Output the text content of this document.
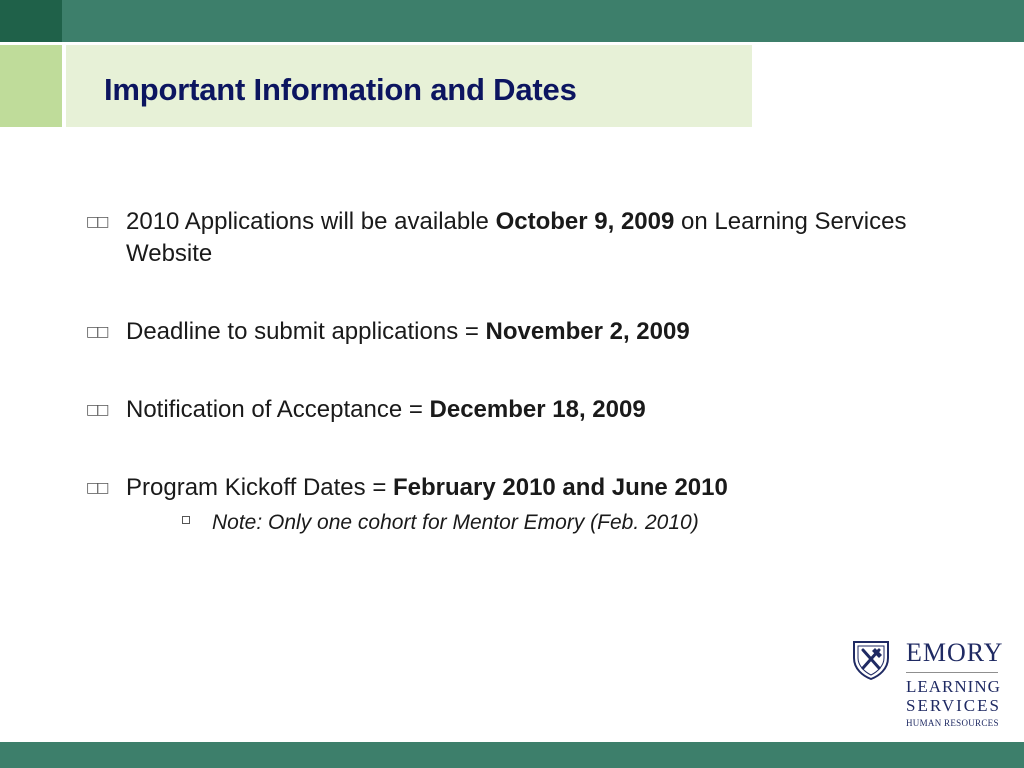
Important Information and Dates
□□
2010 Applications will be available October 9, 2009 on Learning Services Website
□□
Deadline to submit applications = November 2, 2009
□□
Notification of Acceptance = December 18, 2009
□□
Program Kickoff Dates = February 2010 and June 2010
Note: Only one cohort for Mentor Emory (Feb. 2010)
EMORY
LEARNING
SERVICES
HUMAN RESOURCES
